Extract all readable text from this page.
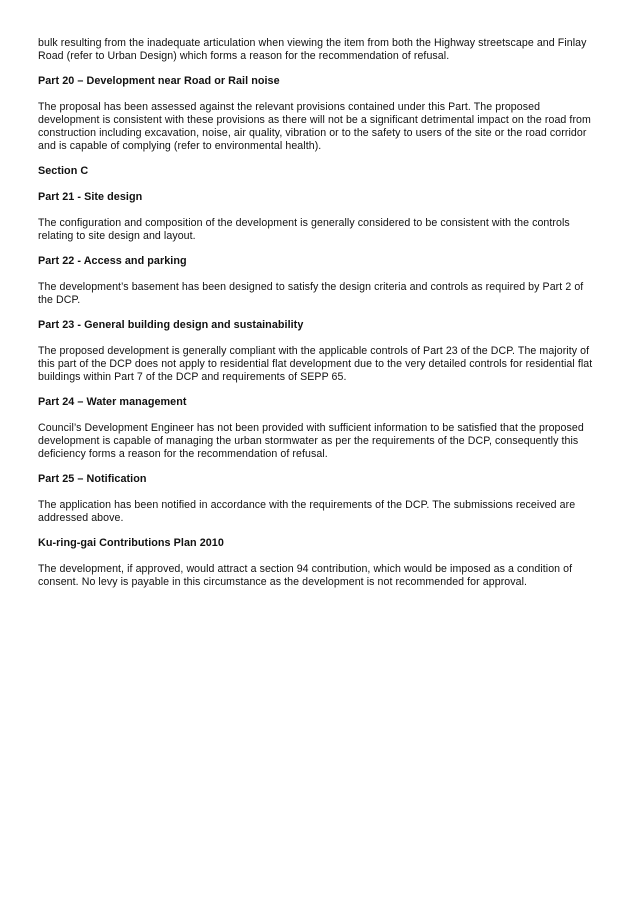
bulk resulting from the inadequate articulation when viewing the item from both the Highway streetscape and Finlay Road (refer to Urban Design) which forms a reason for the recommendation of refusal.

Part 20 – Development near Road or Rail noise

The proposal has been assessed against the relevant provisions contained under this Part. The proposed development is consistent with these provisions as there will not be a significant detrimental impact on the road from construction including excavation, noise, air quality, vibration or to the safety to users of the site or the road corridor and is capable of complying (refer to environmental health).

Section C
Part 21 - Site design

The configuration and composition of the development is generally considered to be consistent with the controls relating to site design and layout.

Part 22 - Access and parking

The development’s basement has been designed to satisfy the design criteria and controls as required by Part 2 of the DCP.

Part 23 - General building design and sustainability

The proposed development is generally compliant with the applicable controls of Part 23 of the DCP. The majority of this part of the DCP does not apply to residential flat development due to the very detailed controls for residential flat buildings within Part 7 of the DCP and requirements of SEPP 65.

Part 24 – Water management

Council’s Development Engineer has not been provided with sufficient information to be satisfied that the proposed development is capable of managing the urban stormwater as per the requirements of the DCP, consequently this deficiency forms a reason for the recommendation of refusal.

Part 25 – Notification

The application has been notified in accordance with the requirements of the DCP. The submissions received are addressed above.

Ku-ring-gai Contributions Plan 2010

The development, if approved, would attract a section 94 contribution, which would be imposed as a condition of consent. No levy is payable in this circumstance as the development is not recommended for approval.
